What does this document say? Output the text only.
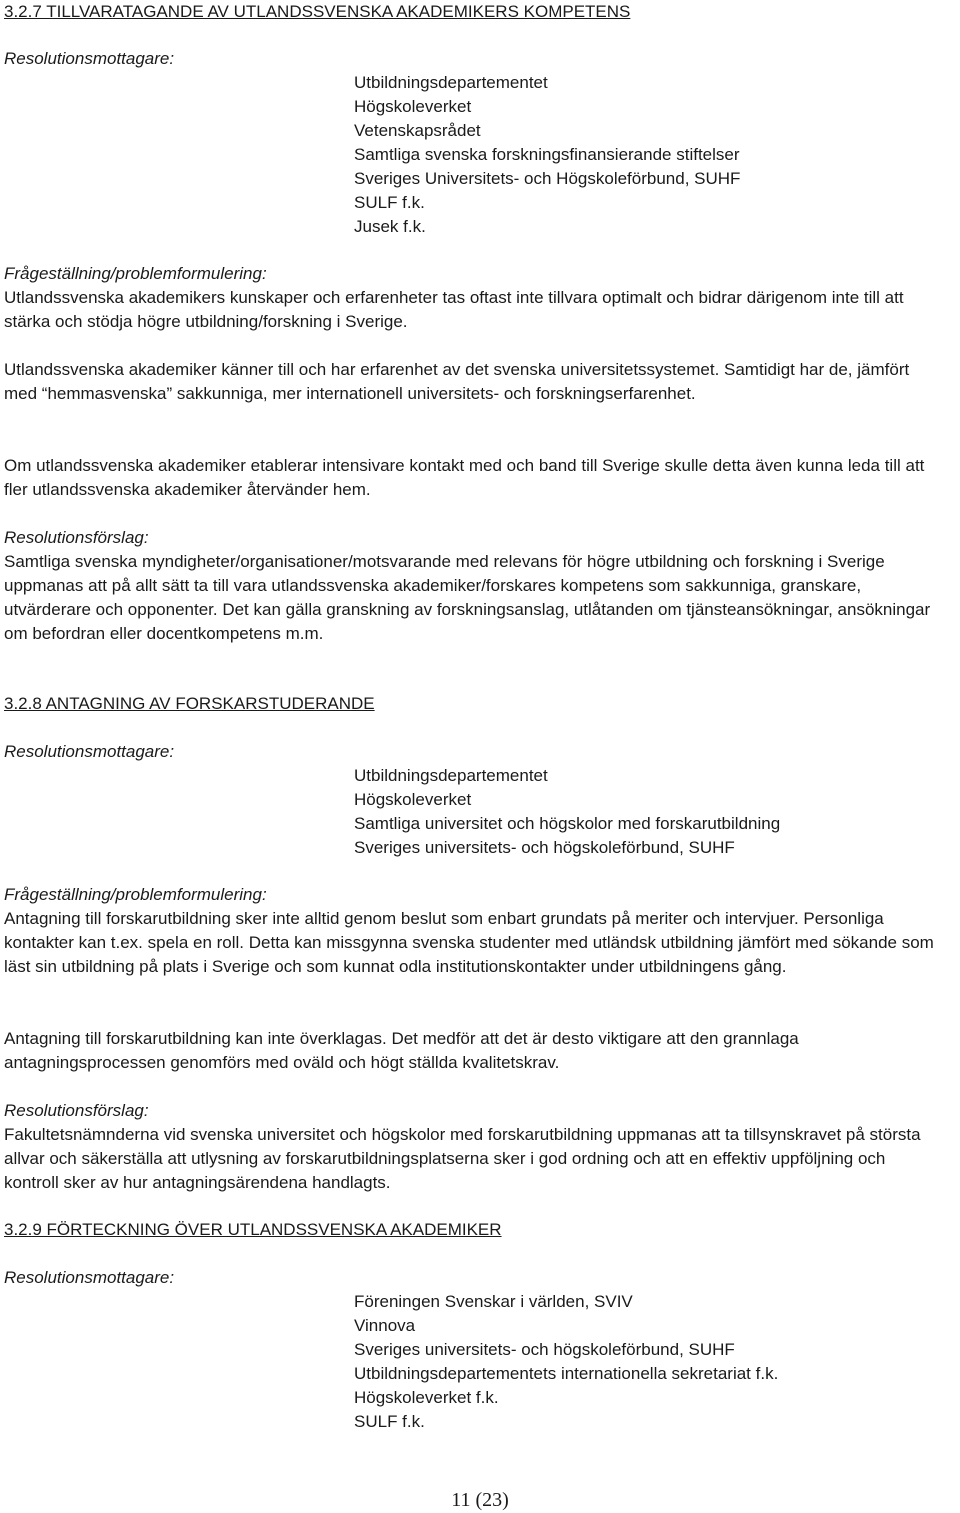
3.2.7 TILLVARATAGANDE AV UTLANDSSVENSKA AKADEMIKERS KOMPETENS

Resolutionsmottagare:

Utbildningsdepartementet
Högskoleverket
Vetenskapsrådet
Samtliga svenska forskningsfinansierande stiftelser
Sveriges Universitets- och Högskoleförbund, SUHF
SULF f.k.
Jusek f.k.

Frågeställning/problemformulering:

Utlandssvenska akademikers kunskaper och erfarenheter tas oftast inte tillvara optimalt och bidrar därigenom inte till att stärka och stödja högre utbildning/forskning i Sverige.

Utlandssvenska akademiker känner till och har erfarenhet av det svenska universitetssystemet. Samtidigt har de, jämfört med “hemmasvenska” sakkunniga, mer internationell universitets- och forskningserfarenhet.

Om utlandssvenska akademiker etablerar intensivare kontakt med och band till Sverige skulle detta även kunna leda till att fler utlandssvenska akademiker återvänder hem.

Resolutionsförslag:

Samtliga svenska myndigheter/organisationer/motsvarande med relevans för högre utbildning och forskning i Sverige uppmanas att på allt sätt ta till vara utlandssvenska akademiker/forskares kompetens som sakkunniga, granskare, utvärderare och opponenter. Det kan gälla granskning av forskningsanslag, utlåtanden om tjänsteansökningar, ansökningar om befordran eller docentkompetens m.m.

3.2.8 ANTAGNING AV FORSKARSTUDERANDE

Resolutionsmottagare:

Utbildningsdepartementet
Högskoleverket
Samtliga universitet och högskolor med forskarutbildning
Sveriges universitets- och högskoleförbund, SUHF

Frågeställning/problemformulering:

Antagning till forskarutbildning sker inte alltid genom beslut som enbart grundats på meriter och intervjuer. Personliga kontakter kan t.ex. spela en roll. Detta kan missgynna svenska studenter med utländsk utbildning jämfört med sökande som läst sin utbildning på plats i Sverige och som kunnat odla institutionskontakter under utbildningens gång.

Antagning till forskarutbildning kan inte överklagas. Det medför att det är desto viktigare att den grannlaga antagningsprocessen genomförs med oväld och högt ställda kvalitetskrav.

Resolutionsförslag:

Fakultetsnämnderna vid svenska universitet och högskolor med forskarutbildning uppmanas att ta tillsynskravet på största allvar och säkerställa att utlysning av forskarutbildningsplatserna sker i god ordning och att en effektiv uppföljning och kontroll sker av hur antagningsärendena handlagts.

3.2.9 FÖRTECKNING ÖVER UTLANDSSVENSKA AKADEMIKER

Resolutionsmottagare:

Föreningen Svenskar i världen, SVIV
Vinnova
Sveriges universitets- och högskoleförbund, SUHF
Utbildningsdepartementets internationella sekretariat f.k.
Högskoleverket f.k.
SULF f.k.

11 (23)
